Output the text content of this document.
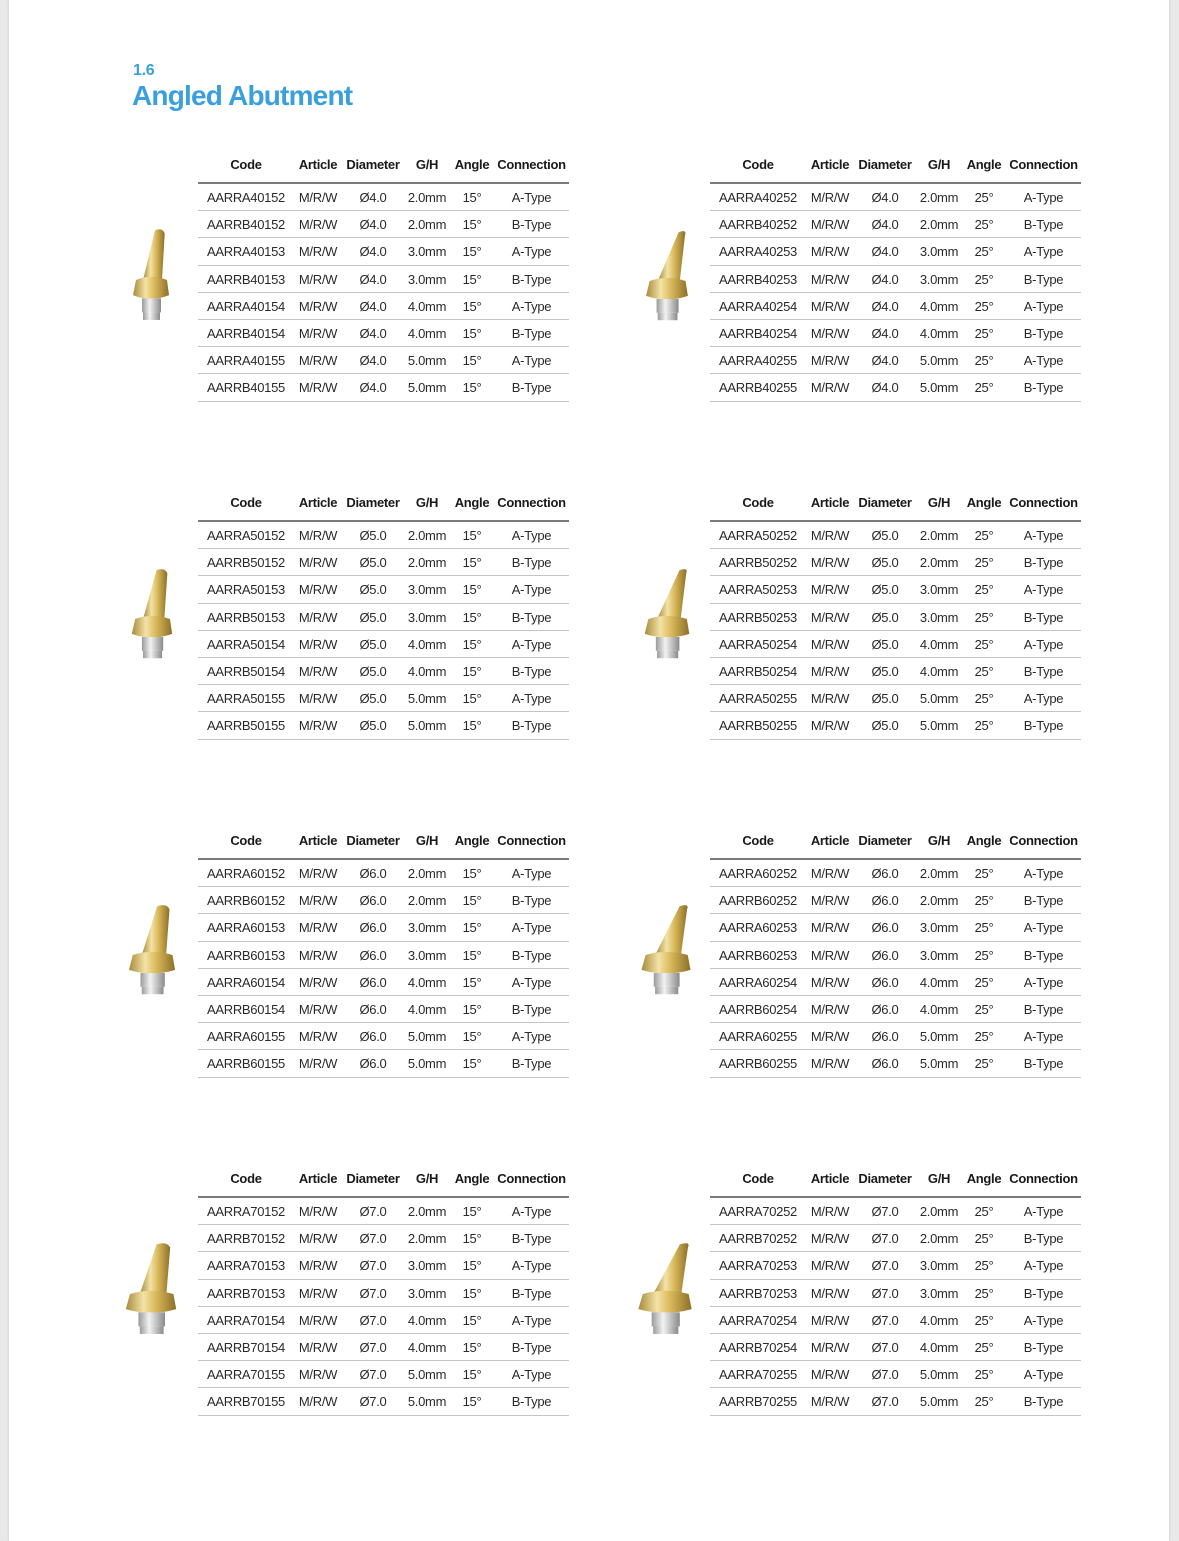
1.6
Angled Abutment
Code	Article Diameter	G/H	Angle Connection
AARRA40152	M/R/W	Ø4.0	2.0mm	15°	A-Type
AARRB40152	M/R/W	Ø4.0	2.0mm	15°	B-Type
AARRA40153	M/R/W	Ø4.0	3.0mm	15°	A-Type
AARRB40153	M/R/W	Ø4.0	3.0mm	15°	B-Type
AARRA40154	M/R/W	Ø4.0	4.0mm	15°	A-Type
AARRB40154	M/R/W	Ø4.0	4.0mm	15°	B-Type
AARRA40155	M/R/W	Ø4.0	5.0mm	15°	A-Type
AARRB40155	M/R/W	Ø4.0	5.0mm	15°	B-Type
Code	Article Diameter	G/H	Angle Connection
AARRA40252	M/R/W	Ø4.0	2.0mm	25°	A-Type
AARRB40252	M/R/W	Ø4.0	2.0mm	25°	B-Type
AARRA40253	M/R/W	Ø4.0	3.0mm	25°	A-Type
AARRB40253	M/R/W	Ø4.0	3.0mm	25°	B-Type
AARRA40254	M/R/W	Ø4.0	4.0mm	25°	A-Type
AARRB40254	M/R/W	Ø4.0	4.0mm	25°	B-Type
AARRA40255	M/R/W	Ø4.0	5.0mm	25°	A-Type
AARRB40255	M/R/W	Ø4.0	5.0mm	25°	B-Type
Code	Article Diameter	G/H	Angle Connection
AARRA50152	M/R/W	Ø5.0	2.0mm	15°	A-Type
AARRB50152	M/R/W	Ø5.0	2.0mm	15°	B-Type
AARRA50153	M/R/W	Ø5.0	3.0mm	15°	A-Type
AARRB50153	M/R/W	Ø5.0	3.0mm	15°	B-Type
AARRA50154	M/R/W	Ø5.0	4.0mm	15°	A-Type
AARRB50154	M/R/W	Ø5.0	4.0mm	15°	B-Type
AARRA50155	M/R/W	Ø5.0	5.0mm	15°	A-Type
AARRB50155	M/R/W	Ø5.0	5.0mm	15°	B-Type
Code	Article Diameter	G/H	Angle Connection
AARRA50252	M/R/W	Ø5.0	2.0mm	25°	A-Type
AARRB50252	M/R/W	Ø5.0	2.0mm	25°	B-Type
AARRA50253	M/R/W	Ø5.0	3.0mm	25°	A-Type
AARRB50253	M/R/W	Ø5.0	3.0mm	25°	B-Type
AARRA50254	M/R/W	Ø5.0	4.0mm	25°	A-Type
AARRB50254	M/R/W	Ø5.0	4.0mm	25°	B-Type
AARRA50255	M/R/W	Ø5.0	5.0mm	25°	A-Type
AARRB50255	M/R/W	Ø5.0	5.0mm	25°	B-Type
Code	Article Diameter	G/H	Angle Connection
AARRA60152	M/R/W	Ø6.0	2.0mm	15°	A-Type
AARRB60152	M/R/W	Ø6.0	2.0mm	15°	B-Type
AARRA60153	M/R/W	Ø6.0	3.0mm	15°	A-Type
AARRB60153	M/R/W	Ø6.0	3.0mm	15°	B-Type
AARRA60154	M/R/W	Ø6.0	4.0mm	15°	A-Type
AARRB60154	M/R/W	Ø6.0	4.0mm	15°	B-Type
AARRA60155	M/R/W	Ø6.0	5.0mm	15°	A-Type
AARRB60155	M/R/W	Ø6.0	5.0mm	15°	B-Type
Code	Article Diameter	G/H	Angle Connection
AARRA60252	M/R/W	Ø6.0	2.0mm	25°	A-Type
AARRB60252	M/R/W	Ø6.0	2.0mm	25°	B-Type
AARRA60253	M/R/W	Ø6.0	3.0mm	25°	A-Type
AARRB60253	M/R/W	Ø6.0	3.0mm	25°	B-Type
AARRA60254	M/R/W	Ø6.0	4.0mm	25°	A-Type
AARRB60254	M/R/W	Ø6.0	4.0mm	25°	B-Type
AARRA60255	M/R/W	Ø6.0	5.0mm	25°	A-Type
AARRB60255	M/R/W	Ø6.0	5.0mm	25°	B-Type
Code	Article Diameter	G/H	Angle Connection
AARRA70152	M/R/W	Ø7.0	2.0mm	15°	A-Type
AARRB70152	M/R/W	Ø7.0	2.0mm	15°	B-Type
AARRA70153	M/R/W	Ø7.0	3.0mm	15°	A-Type
AARRB70153	M/R/W	Ø7.0	3.0mm	15°	B-Type
AARRA70154	M/R/W	Ø7.0	4.0mm	15°	A-Type
AARRB70154	M/R/W	Ø7.0	4.0mm	15°	B-Type
AARRA70155	M/R/W	Ø7.0	5.0mm	15°	A-Type
AARRB70155	M/R/W	Ø7.0	5.0mm	15°	B-Type
Code	Article Diameter	G/H	Angle Connection
AARRA70252	M/R/W	Ø7.0	2.0mm	25°	A-Type
AARRB70252	M/R/W	Ø7.0	2.0mm	25°	B-Type
AARRA70253	M/R/W	Ø7.0	3.0mm	25°	A-Type
AARRB70253	M/R/W	Ø7.0	3.0mm	25°	B-Type
AARRA70254	M/R/W	Ø7.0	4.0mm	25°	A-Type
AARRB70254	M/R/W	Ø7.0	4.0mm	25°	B-Type
AARRA70255	M/R/W	Ø7.0	5.0mm	25°	A-Type
AARRB70255	M/R/W	Ø7.0	5.0mm	25°	B-Type
